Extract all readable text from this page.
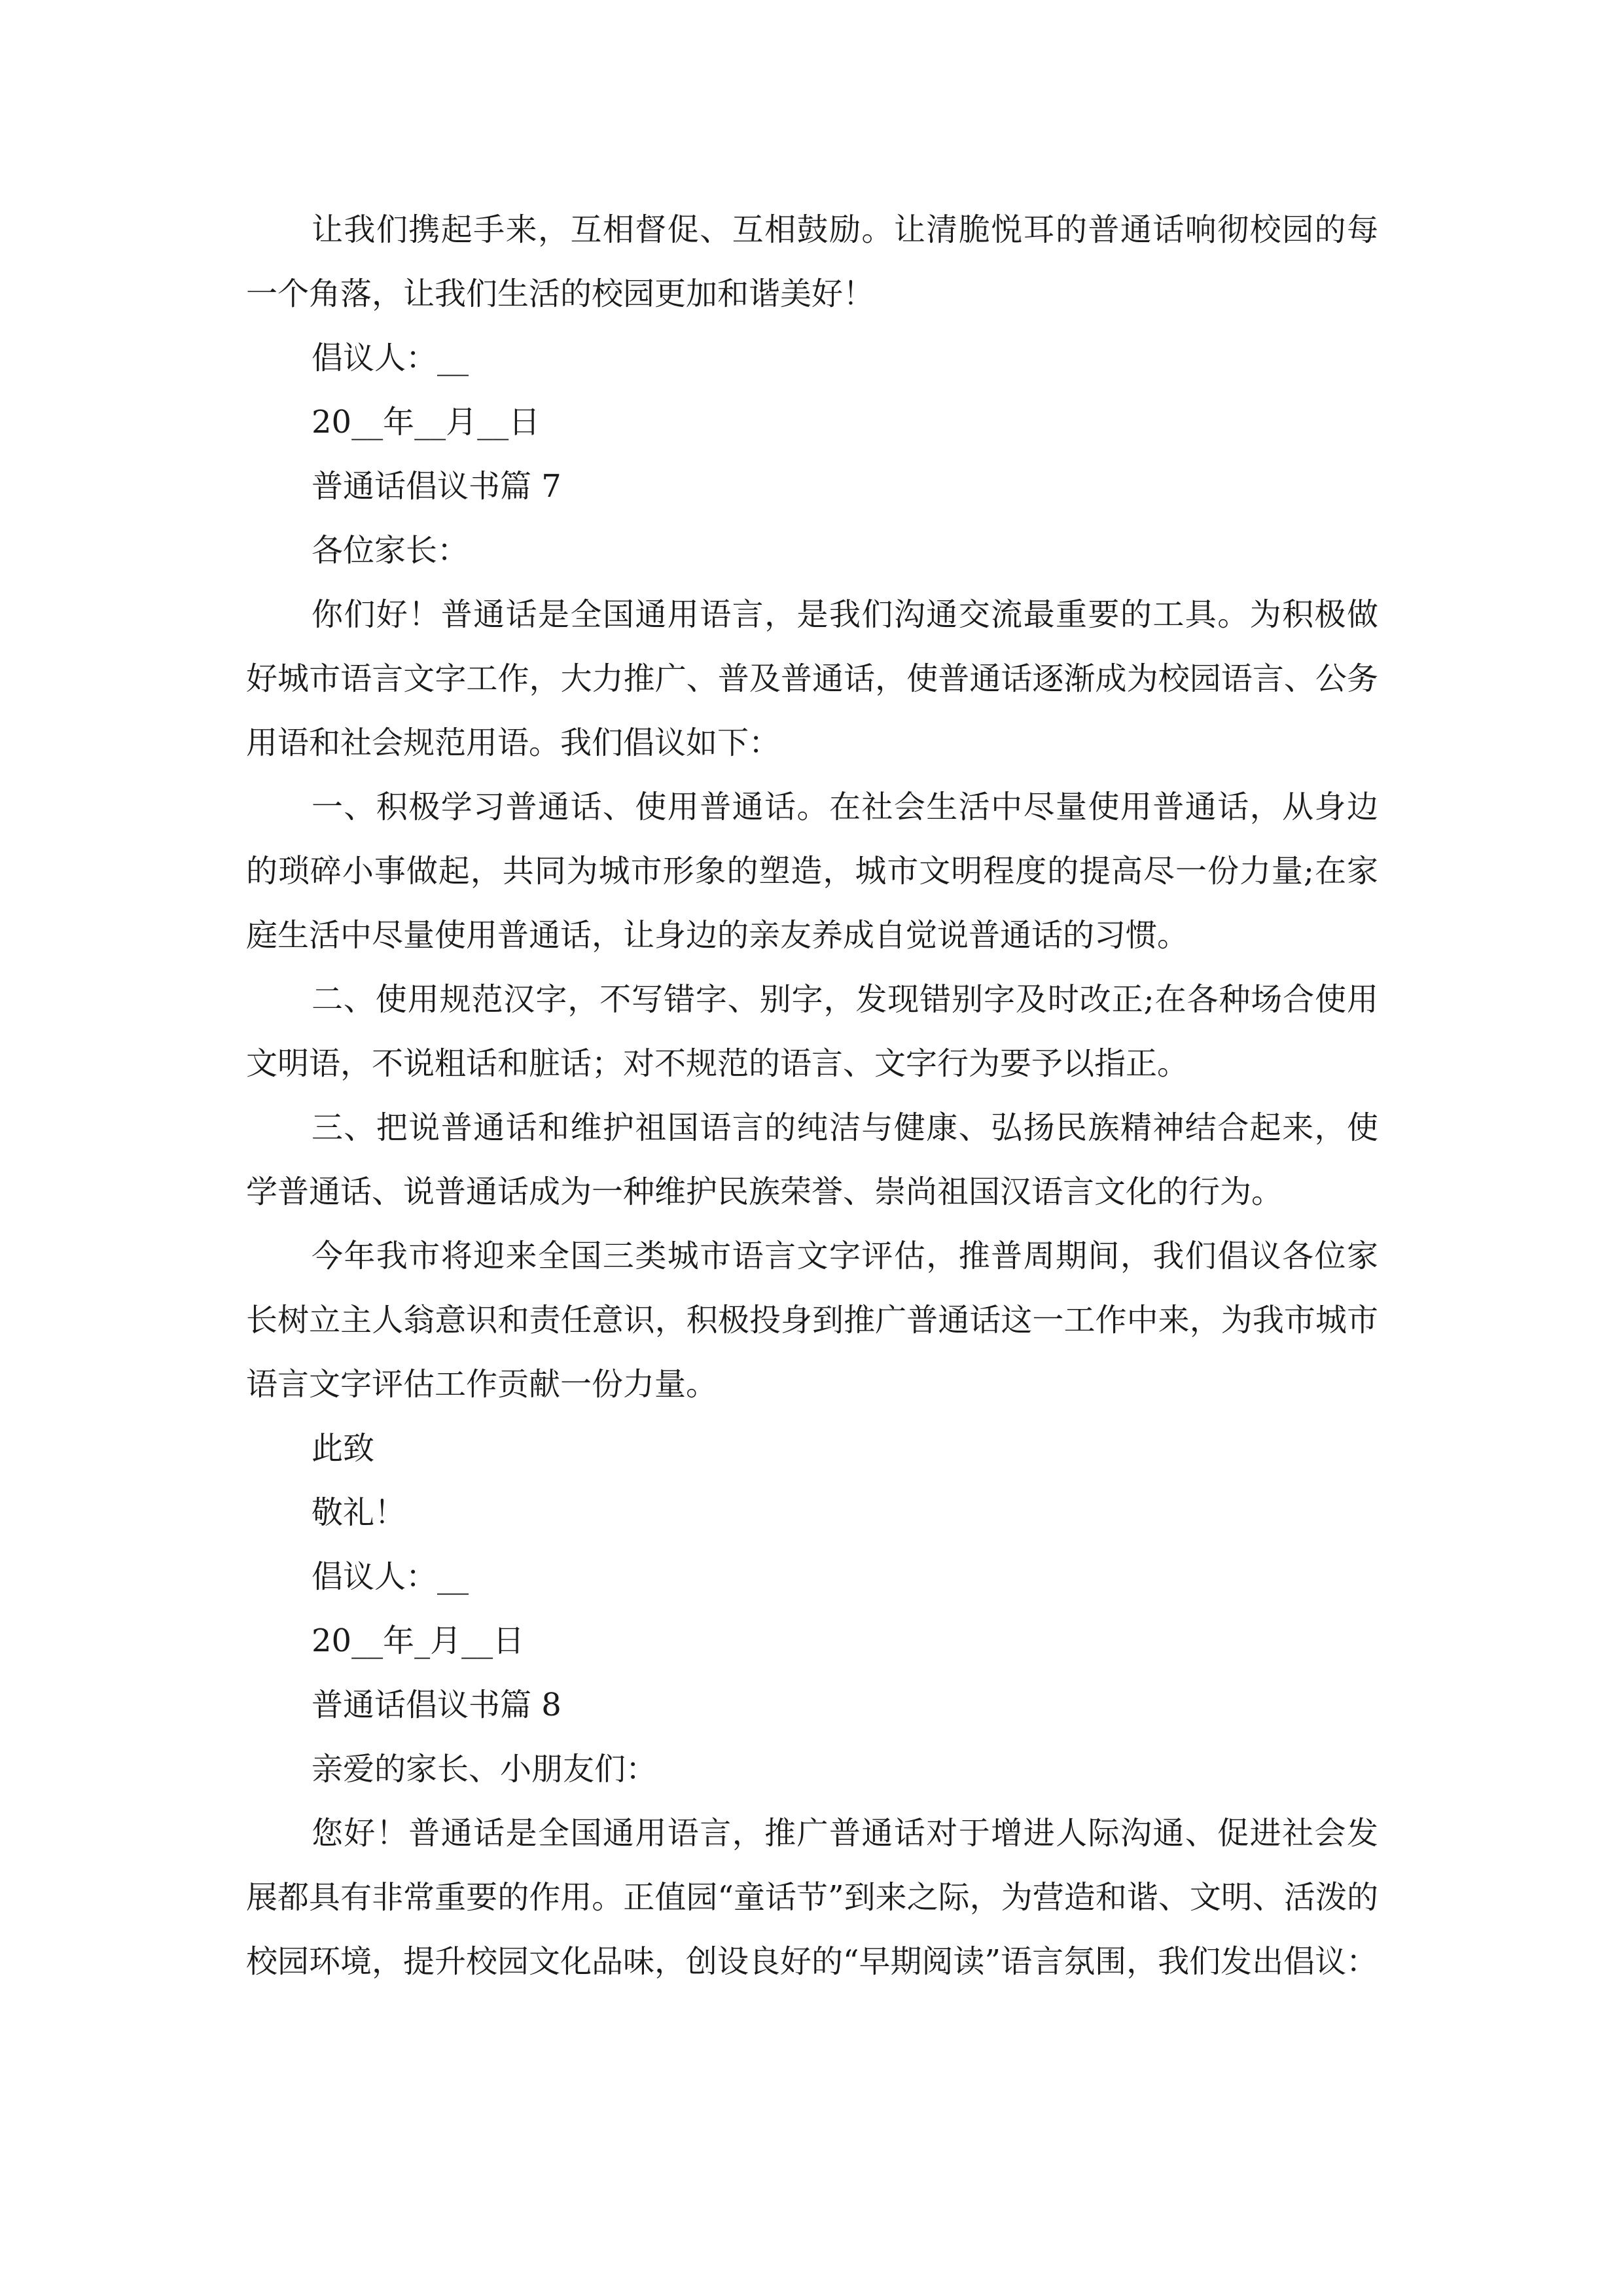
让我们携起手来，互相督促、互相鼓励。让清脆悦耳的普通话响彻校园的每一个角落，让我们生活的校园更加和谐美好！

倡议人：__

20__年__月__日

普通话倡议书篇 7

各位家长：

你们好！普通话是全国通用语言，是我们沟通交流最重要的工具。为积极做好城市语言文字工作，大力推广、普及普通话，使普通话逐渐成为校园语言、公务用语和社会规范用语。我们倡议如下：

一、积极学习普通话、使用普通话。在社会生活中尽量使用普通话，从身边的琐碎小事做起，共同为城市形象的塑造，城市文明程度的提高尽一份力量;在家庭生活中尽量使用普通话，让身边的亲友养成自觉说普通话的习惯。

二、使用规范汉字，不写错字、别字，发现错别字及时改正;在各种场合使用文明语，不说粗话和脏话；对不规范的语言、文字行为要予以指正。

三、把说普通话和维护祖国语言的纯洁与健康、弘扬民族精神结合起来，使学普通话、说普通话成为一种维护民族荣誉、崇尚祖国汉语言文化的行为。

今年我市将迎来全国三类城市语言文字评估，推普周期间，我们倡议各位家长树立主人翁意识和责任意识，积极投身到推广普通话这一工作中来，为我市城市语言文字评估工作贡献一份力量。

此致

敬礼！

倡议人：__

20__年_月__日

普通话倡议书篇 8

亲爱的家长、小朋友们：

您好！普通话是全国通用语言，推广普通话对于增进人际沟通、促进社会发展都具有非常重要的作用。正值园“童话节”到来之际，为营造和谐、文明、活泼的校园环境，提升校园文化品味，创设良好的“早期阅读”语言氛围，我们发出倡议：
